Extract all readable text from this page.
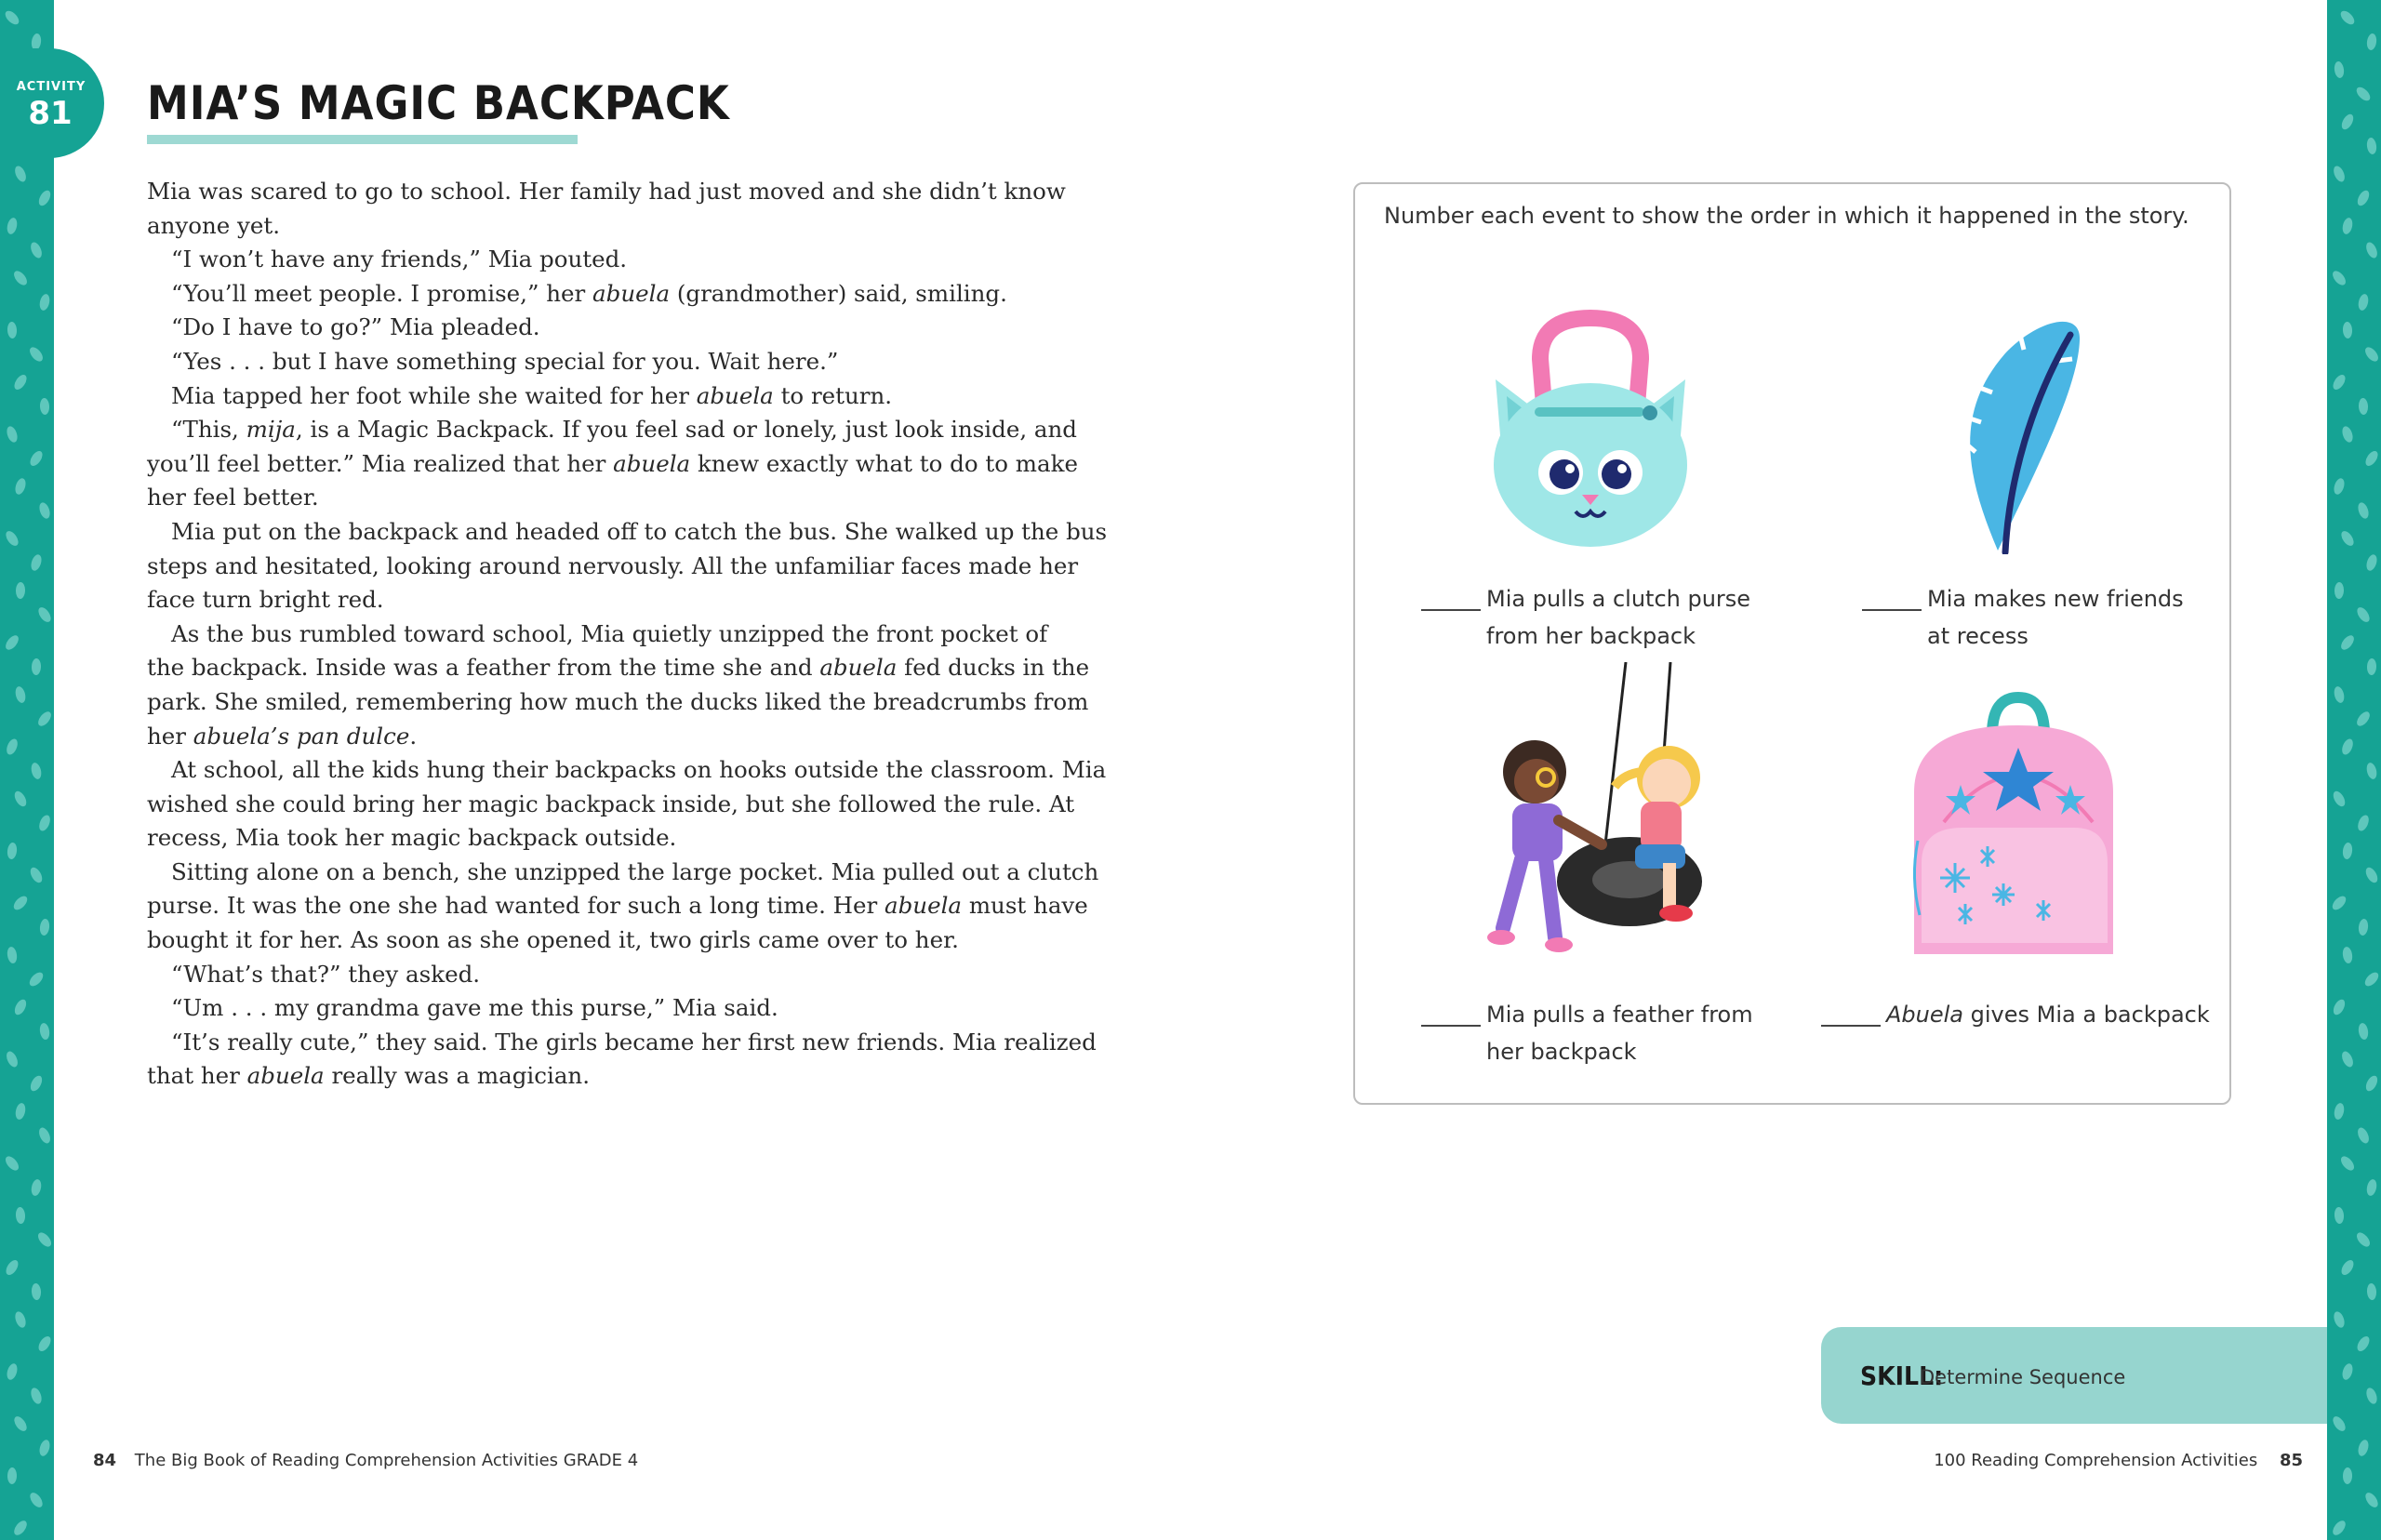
ACTIVITY
81	MIA’S MAGIC BACKPACK

Mia was scared to go to school. Her family had just moved and she didn’t know

anyone yet.

“I won’t have any friends,” Mia pouted.

“You’ll meet people. I promise,” her abuela (grandmother) said, smiling.

“Do I have to go?” Mia pleaded.

“Yes . . . but I have something special for you. Wait here.”

Mia tapped her foot while she waited for her abuela to return.

“This, mija, is a Magic Backpack. If you feel sad or lonely, just look inside, and

you’ll feel better.” Mia realized that her abuela knew exactly what to do to make

her feel better.

Mia put on the backpack and headed off to catch the bus. She walked up the bus

steps and hesitated, looking around nervously. All the unfamiliar faces made her

face turn bright red.

As the bus rumbled toward school, Mia quietly unzipped the front pocket of

the backpack. Inside was a feather from the time she and abuela fed ducks in the

park. She smiled, remembering how much the ducks liked the breadcrumbs from

her abuela’s pan dulce.

At school, all the kids hung their backpacks on hooks outside the classroom. Mia

wished she could bring her magic backpack inside, but she followed the rule. At

recess, Mia took her magic backpack outside.

Sitting alone on a bench, she unzipped the large pocket. Mia pulled out a clutch

purse. It was the one she had wanted for such a long time. Her abuela must have

bought it for her. As soon as she opened it, two girls came over to her.

“What’s that?” they asked.

“Um . . . my grandma gave me this purse,” Mia said.

“It’s really cute,” they said. The girls became her first new friends. Mia realized

that her abuela really was a magician.

Number each event to show the order in which it happened in the story.
Mia pulls a clutch purse
from her backpack
Mia makes new friends
at recess
Mia pulls a feather from
her backpack
Abuela gives Mia a backpack
SKILL:
Determine Sequence
84 The Big Book of Reading Comprehension Activities GRADE 4	100 Reading Comprehension Activities 85
